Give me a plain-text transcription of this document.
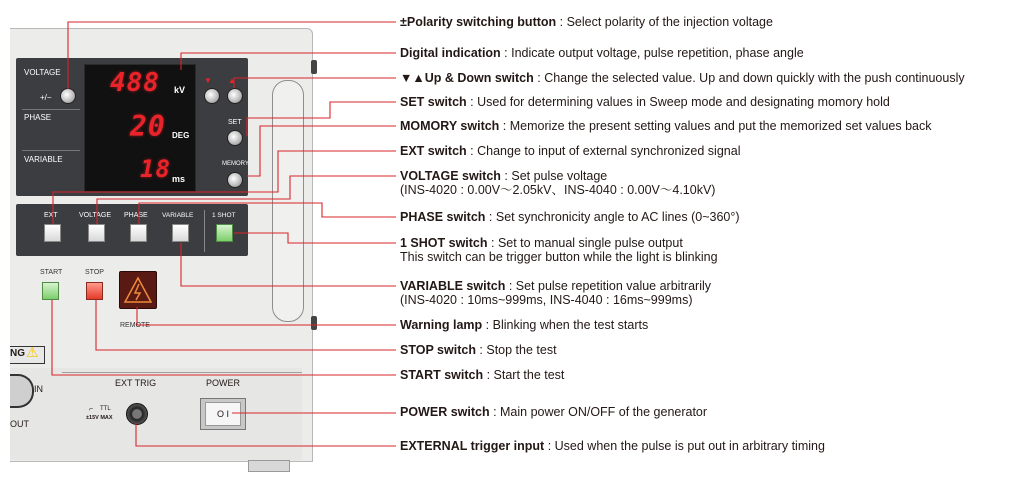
VOLTAGE
+/−
PHASE
VARIABLE
488 kV
20 DEG
18 ms
▼ ▲
SET
MEMORY
EXT	VOLTAGE PHASE VARIABLE	1 SHOT
START	STOP
REMOTE
NG ⚠
IN
OUT
EXT TRIG
⌐ TTL
±15V MAX
POWER
O I
±Polarity switching button : Select polarity of the injection voltage
Digital indication : Indicate output voltage, pulse repetition, phase angle
▼▲Up & Down switch : Change the selected value. Up and down quickly with the push continuously
SET switch : Used for determining values in Sweep mode and designating momory hold
MOMORY switch : Memorize the present setting values and put the memorized set values back
EXT switch : Change to input of external synchronized signal
VOLTAGE switch : Set pulse voltage
(INS-4020 : 0.00V～2.05kV、INS-4040 : 0.00V～4.10kV)
PHASE switch : Set synchronicity angle to AC lines (0~360°)
1 SHOT switch : Set to manual single pulse output
This switch can be trigger button while the light is blinking
VARIABLE switch : Set pulse repetition value arbitrarily
(INS-4020 : 10ms~999ms, INS-4040 : 16ms~999ms)
Warning lamp : Blinking when the test starts
STOP switch : Stop the test
START switch : Start the test
POWER switch : Main power ON/OFF of the generator
EXTERNAL trigger input : Used when the pulse is put out in arbitrary timing
